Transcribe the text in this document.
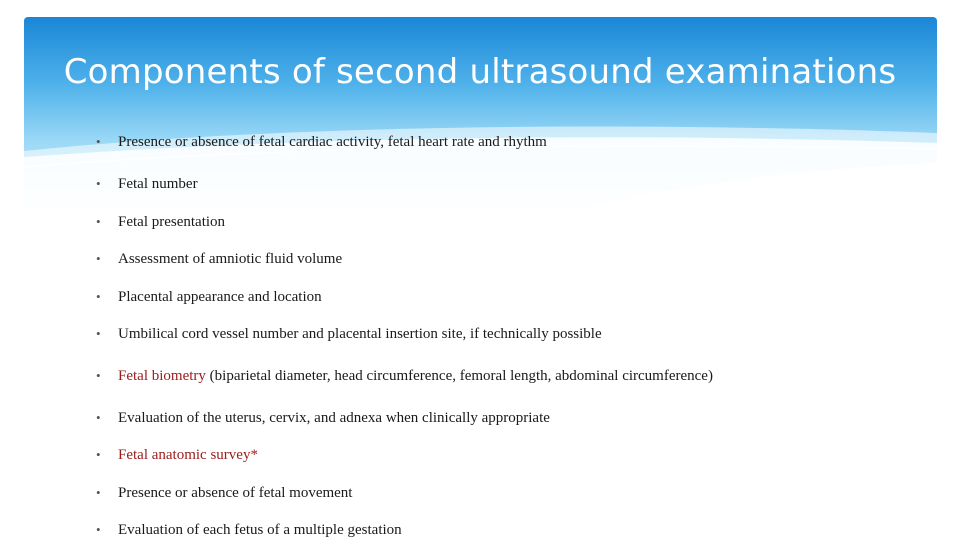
Components of second ultrasound examinations
• Presence or absence of fetal cardiac activity, fetal heart rate and rhythm
• Fetal number
• Fetal presentation
• Assessment of amniotic fluid volume
• Placental appearance and location
• Umbilical cord vessel number and placental insertion site, if technically possible
• Fetal biometry (biparietal diameter, head circumference, femoral length, abdominal circumference)
• Evaluation of the uterus, cervix, and adnexa when clinically appropriate
• Fetal anatomic survey*
• Presence or absence of fetal movement
• Evaluation of each fetus of a multiple gestation
